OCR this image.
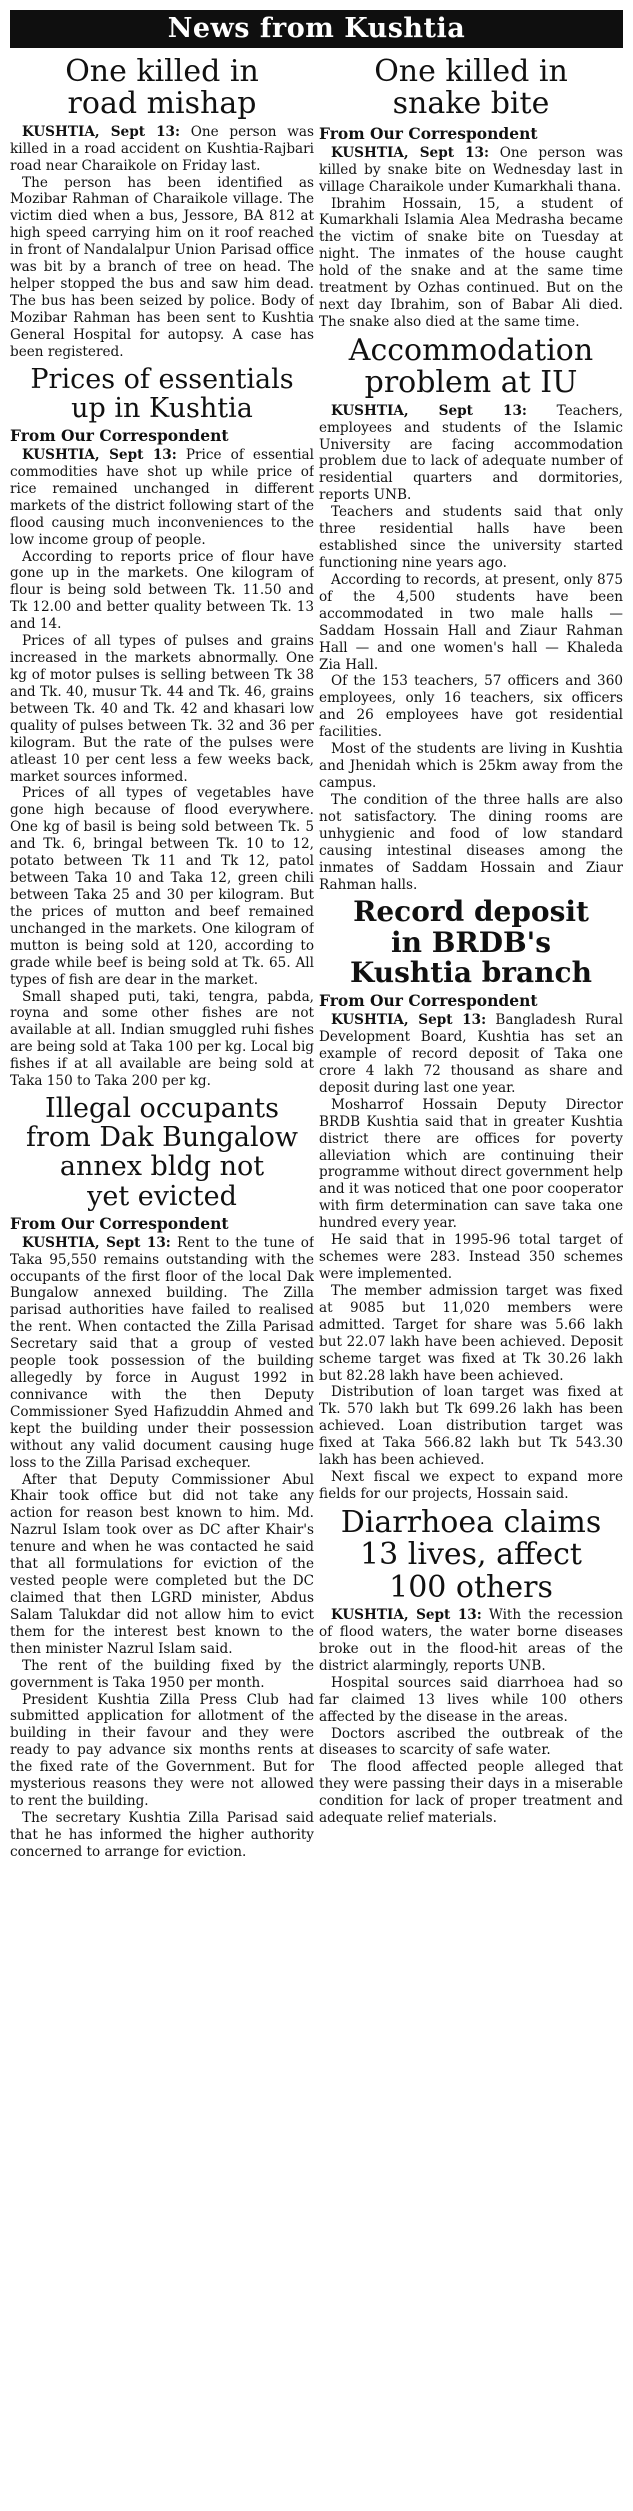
News from Kushtia
One killed in
road mishap

KUSHTIA, Sept 13: One person was killed in a road accident on Kushtia-Rajbari road near Charaikole on Friday last.

The person has been identified as Mozibar Rahman of Charaikole village. The victim died when a bus, Jessore, BA 812 at high speed carrying him on it roof reached in front of Nandalalpur Union Parisad office was bit by a branch of tree on head. The helper stopped the bus and saw him dead. The bus has been seized by police. Body of Mozibar Rahman has been sent to Kushtia General Hospital for autopsy. A case has been registered.

Prices of essentials
up in Kushtia
From Our Correspondent

KUSHTIA, Sept 13: Price of essential commodities have shot up while price of rice remained unchanged in different markets of the district following start of the flood causing much inconveniences to the low income group of people.

According to reports price of flour have gone up in the markets. One kilogram of flour is being sold between Tk. 11.50 and Tk 12.00 and better quality between Tk. 13 and 14.

Prices of all types of pulses and grains increased in the markets abnormally. One kg of motor pulses is selling between Tk 38 and Tk. 40, musur Tk. 44 and Tk. 46, grains between Tk. 40 and Tk. 42 and khasari low quality of pulses between Tk. 32 and 36 per kilogram. But the rate of the pulses were atleast 10 per cent less a few weeks back, market sources informed.

Prices of all types of vegetables have gone high because of flood everywhere. One kg of basil is being sold between Tk. 5 and Tk. 6, bringal between Tk. 10 to 12, potato between Tk 11 and Tk 12, patol between Taka 10 and Taka 12, green chili between Taka 25 and 30 per kilogram. But the prices of mutton and beef remained unchanged in the markets. One kilogram of mutton is being sold at 120, according to grade while beef is being sold at Tk. 65. All types of fish are dear in the market.

Small shaped puti, taki, tengra, pabda, royna and some other fishes are not available at all. Indian smuggled ruhi fishes are being sold at Taka 100 per kg. Local big fishes if at all available are being sold at Taka 150 to Taka 200 per kg.

Illegal occupants
from Dak Bungalow
annex bldg not
yet evicted
From Our Correspondent

KUSHTIA, Sept 13: Rent to the tune of Taka 95,550 remains outstanding with the occupants of the first floor of the local Dak Bungalow annexed building. The Zilla parisad authorities have failed to realised the rent. When contacted the Zilla Parisad Secretary said that a group of vested people took possession of the building allegedly by force in August 1992 in connivance with the then Deputy Commissioner Syed Hafizuddin Ahmed and kept the building under their possession without any valid document causing huge loss to the Zilla Parisad exchequer.

After that Deputy Commissioner Abul Khair took office but did not take any action for reason best known to him. Md. Nazrul Islam took over as DC after Khair's tenure and when he was contacted he said that all formulations for eviction of the vested people were completed but the DC claimed that then LGRD minister, Abdus Salam Talukdar did not allow him to evict them for the interest best known to the then minister Nazrul Islam said.

The rent of the building fixed by the government is Taka 1950 per month.

President Kushtia Zilla Press Club had submitted application for allotment of the building in their favour and they were ready to pay advance six months rents at the fixed rate of the Government. But for mysterious reasons they were not allowed to rent the building.

The secretary Kushtia Zilla Parisad said that he has informed the higher authority concerned to arrange for eviction.

One killed in
snake bite
From Our Correspondent

KUSHTIA, Sept 13: One person was killed by snake bite on Wednesday last in village Charaikole under Kumarkhali thana.

Ibrahim Hossain, 15, a student of Kumarkhali Islamia Alea Medrasha became the victim of snake bite on Tuesday at night. The inmates of the house caught hold of the snake and at the same time treatment by Ozhas continued. But on the next day Ibrahim, son of Babar Ali died. The snake also died at the same time.

Accommodation
problem at IU

KUSHTIA, Sept 13: Teachers, employees and students of the Islamic University are facing accommodation problem due to lack of adequate number of residential quarters and dormitories, reports UNB.

Teachers and students said that only three residential halls have been established since the university started functioning nine years ago.

According to records, at present, only 875 of the 4,500 students have been accommodated in two male halls — Saddam Hossain Hall and Ziaur Rahman Hall — and one women's hall — Khaleda Zia Hall.

Of the 153 teachers, 57 officers and 360 employees, only 16 teachers, six officers and 26 employees have got residential facilities.

Most of the students are living in Kushtia and Jhenidah which is 25km away from the campus.

The condition of the three halls are also not satisfactory. The dining rooms are unhygienic and food of low standard causing intestinal diseases among the inmates of Saddam Hossain and Ziaur Rahman halls.

Record deposit
in BRDB's
Kushtia branch
From Our Correspondent

KUSHTIA, Sept 13: Bangladesh Rural Development Board, Kushtia has set an example of record deposit of Taka one crore 4 lakh 72 thousand as share and deposit during last one year.

Mosharrof Hossain Deputy Director BRDB Kushtia said that in greater Kushtia district there are offices for poverty alleviation which are continuing their programme without direct government help and it was noticed that one poor cooperator with firm determination can save taka one hundred every year.

He said that in 1995-96 total target of schemes were 283. Instead 350 schemes were implemented.

The member admission target was fixed at 9085 but 11,020 members were admitted. Target for share was 5.66 lakh but 22.07 lakh have been achieved. Deposit scheme target was fixed at Tk 30.26 lakh but 82.28 lakh have been achieved.

Distribution of loan target was fixed at Tk. 570 lakh but Tk 699.26 lakh has been achieved. Loan distribution target was fixed at Taka 566.82 lakh but Tk 543.30 lakh has been achieved.

Next fiscal we expect to expand more fields for our projects, Hossain said.

Diarrhoea claims
13 lives, affect
100 others

KUSHTIA, Sept 13: With the recession of flood waters, the water borne diseases broke out in the flood-hit areas of the district alarmingly, reports UNB.

Hospital sources said diarrhoea had so far claimed 13 lives while 100 others affected by the disease in the areas.

Doctors ascribed the outbreak of the diseases to scarcity of safe water.

The flood affected people alleged that they were passing their days in a miserable condition for lack of proper treatment and adequate relief materials.
